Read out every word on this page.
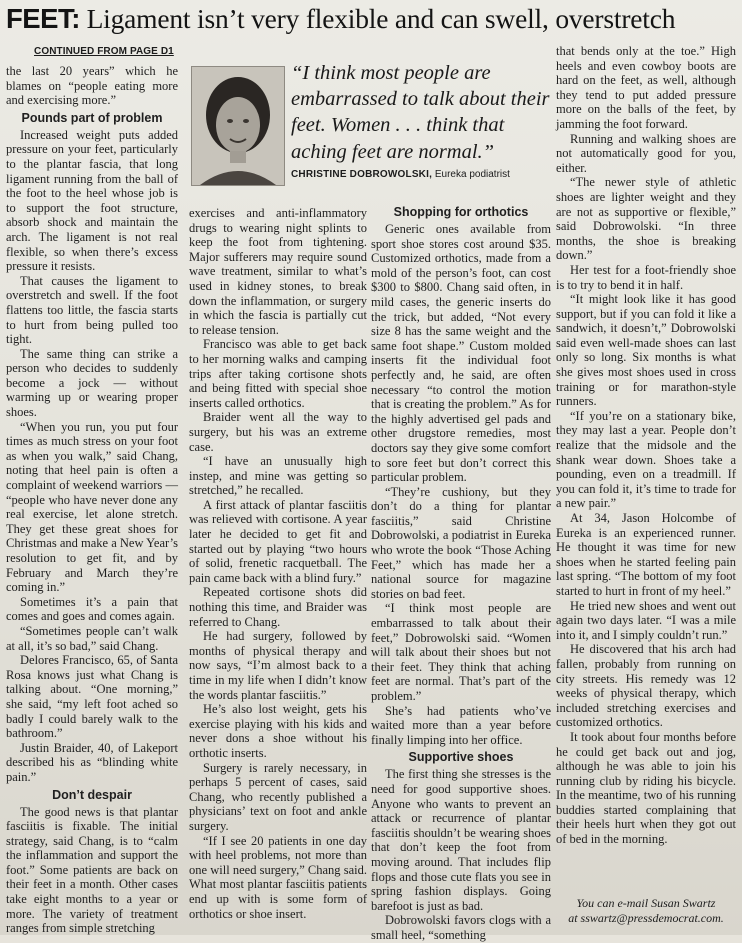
FEET: Ligament isn’t very flexible and can swell, overstretch
CONTINUED FROM PAGE D1

the last 20 years” which he blames on “people eating more and exercising more.”

Pounds part of problem

Increased weight puts added pressure on your feet, particularly to the plantar fascia, that long ligament running from the ball of the foot to the heel whose job is to support the foot structure, absorb shock and maintain the arch. The ligament is not real flexible, so when there’s excess pressure it resists.

That causes the ligament to overstretch and swell. If the foot flattens too little, the fascia starts to hurt from being pulled too tight.

The same thing can strike a person who decides to suddenly become a jock — without warming up or wearing proper shoes.

“When you run, you put four times as much stress on your foot as when you walk,” said Chang, noting that heel pain is often a complaint of weekend warriors — “people who have never done any real exercise, let alone stretch. They get these great shoes for Christmas and make a New Year’s resolution to get fit, and by February and March they’re coming in.”

Sometimes it’s a pain that comes and goes and comes again.

“Sometimes people can’t walk at all, it’s so bad,” said Chang.

Delores Francisco, 65, of Santa Rosa knows just what Chang is talking about. “One morning,” she said, “my left foot ached so badly I could barely walk to the bathroom.”

Justin Braider, 40, of Lakeport described his as “blinding white pain.”

Don’t despair

The good news is that plantar fasciitis is fixable. The initial strategy, said Chang, is to “calm the inflammation and support the foot.” Some patients are back on their feet in a month. Other cases take eight months to a year or more. The variety of treatment ranges from simple stretching

“I think most people are embarrassed to talk about their feet. Women . . . think that aching feet are normal.”
CHRISTINE DOBROWOLSKI, Eureka podiatrist

exercises and anti-inflammatory drugs to wearing night splints to keep the foot from tightening. Major sufferers may require sound wave treatment, similar to what’s used in kidney stones, to break down the inflammation, or surgery in which the fascia is partially cut to release tension.

Francisco was able to get back to her morning walks and camping trips after taking cortisone shots and being fitted with special shoe inserts called orthotics.

Braider went all the way to surgery, but his was an extreme case.

“I have an unusually high instep, and mine was getting so stretched,” he recalled.

A first attack of plantar fasciitis was relieved with cortisone. A year later he decided to get fit and started out by playing “two hours of solid, frenetic racquetball. The pain came back with a blind fury.”

Repeated cortisone shots did nothing this time, and Braider was referred to Chang.

He had surgery, followed by months of physical therapy and now says, “I’m almost back to a time in my life when I didn’t know the words plantar fasciitis.”

He’s also lost weight, gets his exercise playing with his kids and never dons a shoe without his orthotic inserts.

Surgery is rarely necessary, in perhaps 5 percent of cases, said Chang, who recently published a physicians’ text on foot and ankle surgery.

“If I see 20 patients in one day with heel problems, not more than one will need surgery,” Chang said. What most plantar fasciitis patients end up with is some form of orthotics or shoe insert.

Shopping for orthotics

Generic ones available from sport shoe stores cost around $35. Customized orthotics, made from a mold of the person’s foot, can cost $300 to $800. Chang said often, in mild cases, the generic inserts do the trick, but added, “Not every size 8 has the same weight and the same foot shape.” Custom molded inserts fit the individual foot perfectly and, he said, are often necessary “to control the motion that is creating the problem.” As for the highly advertised gel pads and other drugstore remedies, most doctors say they give some comfort to sore feet but don’t correct this particular problem.

“They’re cushiony, but they don’t do a thing for plantar fasciitis,” said Christine Dobrowolski, a podiatrist in Eureka who wrote the book “Those Aching Feet,” which has made her a national source for magazine stories on bad feet.

“I think most people are embarrassed to talk about their feet,” Dobrowolski said. “Women will talk about their shoes but not their feet. They think that aching feet are normal. That’s part of the problem.”

She’s had patients who’ve waited more than a year before finally limping into her office.

Supportive shoes

The first thing she stresses is the need for good supportive shoes. Anyone who wants to prevent an attack or recurrence of plantar fasciitis shouldn’t be wearing shoes that don’t keep the foot from moving around. That includes flip flops and those cute flats you see in spring fashion displays. Going barefoot is just as bad.

Dobrowolski favors clogs with a small heel, “something

that bends only at the toe.” High heels and even cowboy boots are hard on the feet, as well, although they tend to put added pressure more on the balls of the feet, by jamming the foot forward.

Running and walking shoes are not automatically good for you, either.

“The newer style of athletic shoes are lighter weight and they are not as supportive or flexible,” said Dobrowolski. “In three months, the shoe is breaking down.”

Her test for a foot-friendly shoe is to try to bend it in half.

“It might look like it has good support, but if you can fold it like a sandwich, it doesn’t,” Dobrowolski said even well-made shoes can last only so long. Six months is what she gives most shoes used in cross training or for marathon-style runners.

“If you’re on a stationary bike, they may last a year. People don’t realize that the midsole and the shank wear down. Shoes take a pounding, even on a treadmill. If you can fold it, it’s time to trade for a new pair.”

At 34, Jason Holcombe of Eureka is an experienced runner. He thought it was time for new shoes when he started feeling pain last spring. “The bottom of my foot started to hurt in front of my heel.”

He tried new shoes and went out again two days later. “I was a mile into it, and I simply couldn’t run.”

He discovered that his arch had fallen, probably from running on city streets. His remedy was 12 weeks of physical therapy, which included stretching exercises and customized orthotics.

It took about four months before he could get back out and jog, although he was able to join his running club by riding his bicycle. In the meantime, two of his running buddies started complaining that their heels hurt when they got out of bed in the morning.

You can e-mail Susan Swartz
at sswartz@pressdemocrat.com.
